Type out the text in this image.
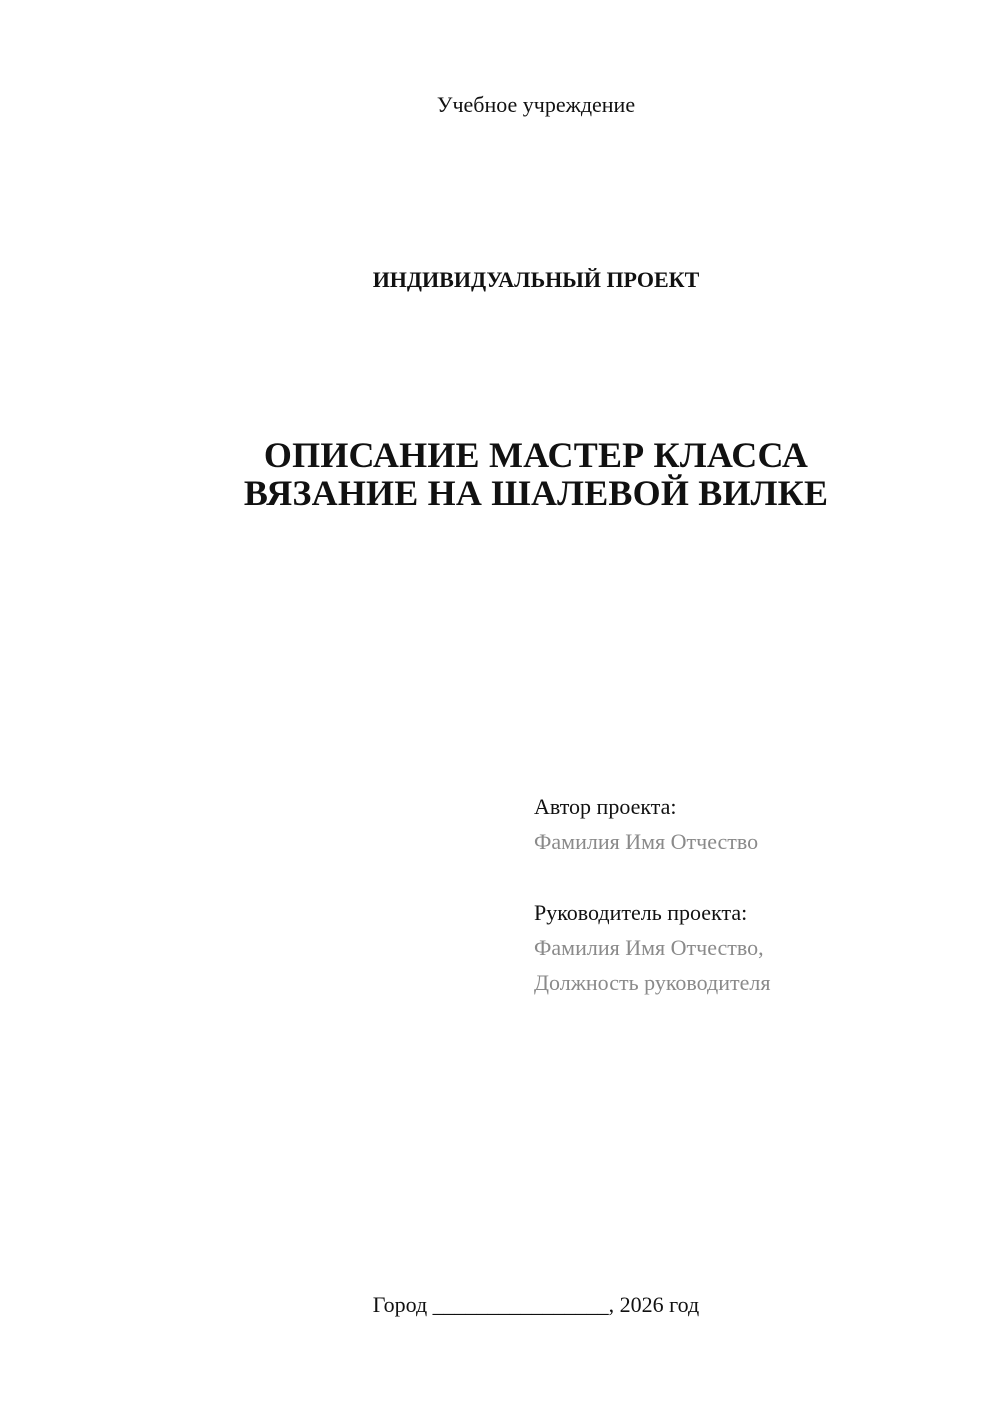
Учебное учреждение
ИНДИВИДУАЛЬНЫЙ ПРОЕКТ
ОПИСАНИЕ МАСТЕР КЛАССА
ВЯЗАНИЕ НА ШАЛЕВОЙ ВИЛКЕ
Автор проекта:
Фамилия Имя Отчество
Руководитель проекта:
Фамилия Имя Отчество,
Должность руководителя
Город ________________, 2026 год
